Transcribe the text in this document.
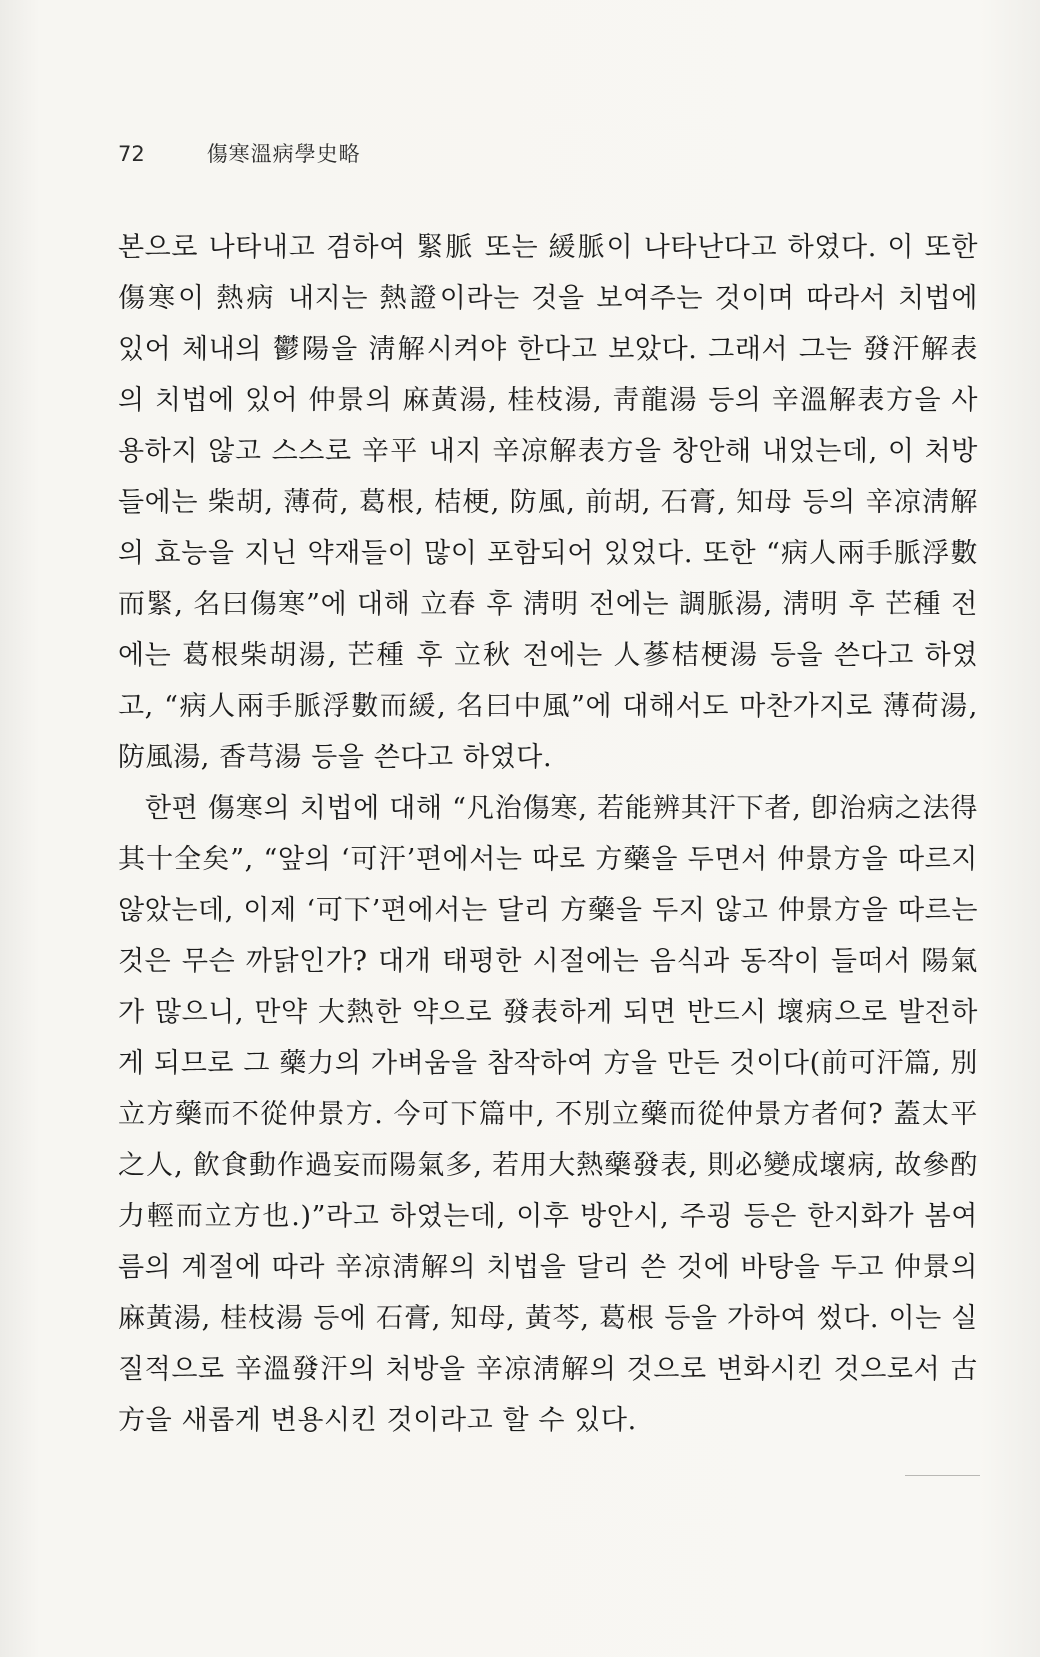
72	傷寒溫病學史略

본으로 나타내고 겸하여 緊脈 또는 緩脈이 나타난다고 하였다. 이 또한 傷寒이 熱病 내지는 熱證이라는 것을 보여주는 것이며 따라서 치법에 있어 체내의 鬱陽을 淸解시켜야 한다고 보았다. 그래서 그는 發汗解表의 치법에 있어 仲景의 麻黃湯, 桂枝湯, 靑龍湯 등의 辛溫解表方을 사용하지 않고 스스로 辛平 내지 辛凉解表方을 창안해 내었는데, 이 처방들에는 柴胡, 薄荷, 葛根, 桔梗, 防風, 前胡, 石膏, 知母 등의 辛凉淸解의 효능을 지닌 약재들이 많이 포함되어 있었다. 또한 “病人兩手脈浮數而緊, 名曰傷寒”에 대해 立春 후 淸明 전에는 調脈湯, 淸明 후 芒種 전에는 葛根柴胡湯, 芒種 후 立秋 전에는 人蔘桔梗湯 등을 쓴다고 하였고, “病人兩手脈浮數而緩, 名曰中風”에 대해서도 마찬가지로 薄荷湯, 防風湯, 香芎湯 등을 쓴다고 하였다.

한편 傷寒의 치법에 대해 “凡治傷寒, 若能辨其汗下者, 卽治病之法得其十全矣”, “앞의 ‘可汗’편에서는 따로 方藥을 두면서 仲景方을 따르지 않았는데, 이제 ‘可下’편에서는 달리 方藥을 두지 않고 仲景方을 따르는 것은 무슨 까닭인가? 대개 태평한 시절에는 음식과 동작이 들떠서 陽氣가 많으니, 만약 大熱한 약으로 發表하게 되면 반드시 壞病으로 발전하게 되므로 그 藥力의 가벼움을 참작하여 方을 만든 것이다(前可汗篇, 別立方藥而不從仲景方. 今可下篇中, 不別立藥而從仲景方者何? 蓋太平之人, 飮食動作過妄而陽氣多, 若用大熱藥發表, 則必變成壞病, 故參酌力輕而立方也.)”라고 하였는데, 이후 방안시, 주굉 등은 한지화가 봄여름의 계절에 따라 辛凉淸解의 치법을 달리 쓴 것에 바탕을 두고 仲景의 麻黃湯, 桂枝湯 등에 石膏, 知母, 黃芩, 葛根 등을 가하여 썼다. 이는 실질적으로 辛溫發汗의 처방을 辛凉淸解의 것으로 변화시킨 것으로서 古方을 새롭게 변용시킨 것이라고 할 수 있다.
